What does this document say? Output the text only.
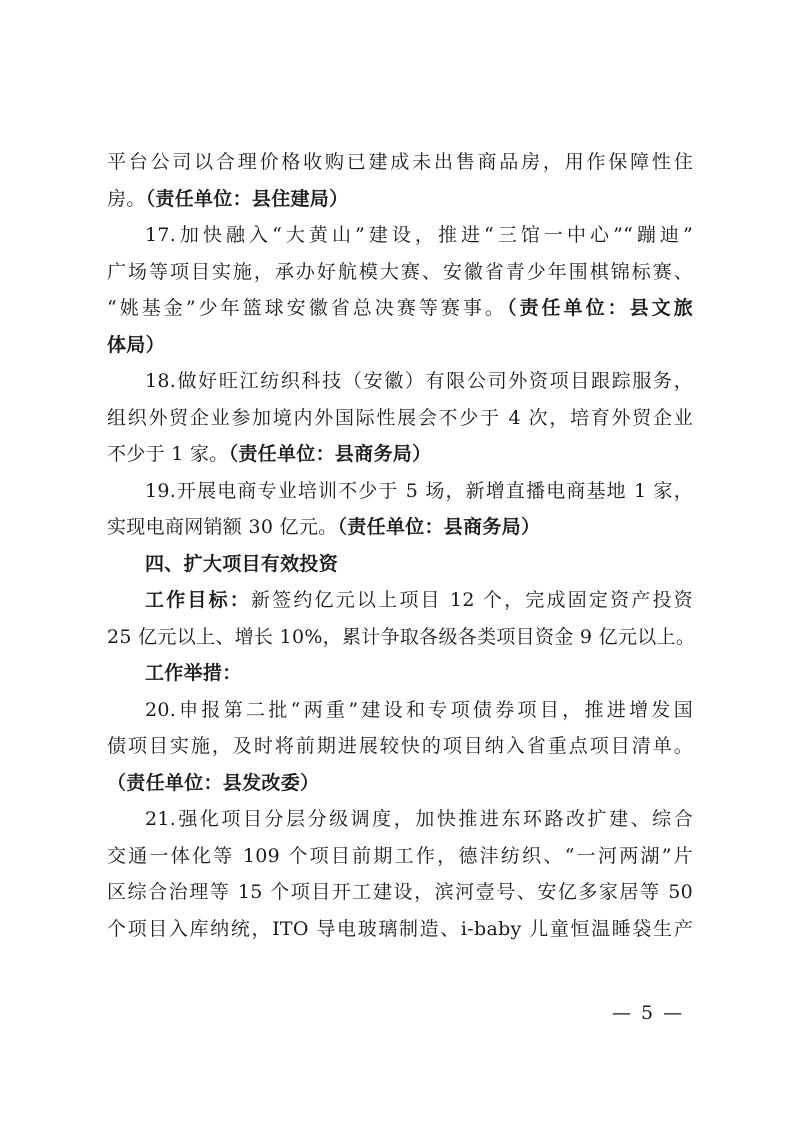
平台公司以合理价格收购已建成未出售商品房，用作保障性住
房。（责任单位：县住建局）
17.加快融入“大黄山”建设，推进“三馆一中心”“蹦迪”
广场等项目实施，承办好航模大赛、安徽省青少年围棋锦标赛、
“姚基金”少年篮球安徽省总决赛等赛事。（责任单位：县文旅
体局）
18.做好旺江纺织科技（安徽）有限公司外资项目跟踪服务，
组织外贸企业参加境内外国际性展会不少于 4 次，培育外贸企业
不少于 1 家。（责任单位：县商务局）
19.开展电商专业培训不少于 5 场，新增直播电商基地 1 家，
实现电商网销额 30 亿元。（责任单位：县商务局）
四、扩大项目有效投资
工作目标：新签约亿元以上项目 12 个，完成固定资产投资
25 亿元以上、增长 10%，累计争取各级各类项目资金 9 亿元以上。
工作举措：
20.申报第二批“两重”建设和专项债券项目，推进增发国
债项目实施，及时将前期进展较快的项目纳入省重点项目清单。
（责任单位：县发改委）
21.强化项目分层分级调度，加快推进东环路改扩建、综合
交通一体化等 109 个项目前期工作，德沣纺织、“一河两湖”片
区综合治理等 15 个项目开工建设，滨河壹号、安亿多家居等 50
个项目入库纳统，ITO 导电玻璃制造、i-baby 儿童恒温睡袋生产
— 5 —
